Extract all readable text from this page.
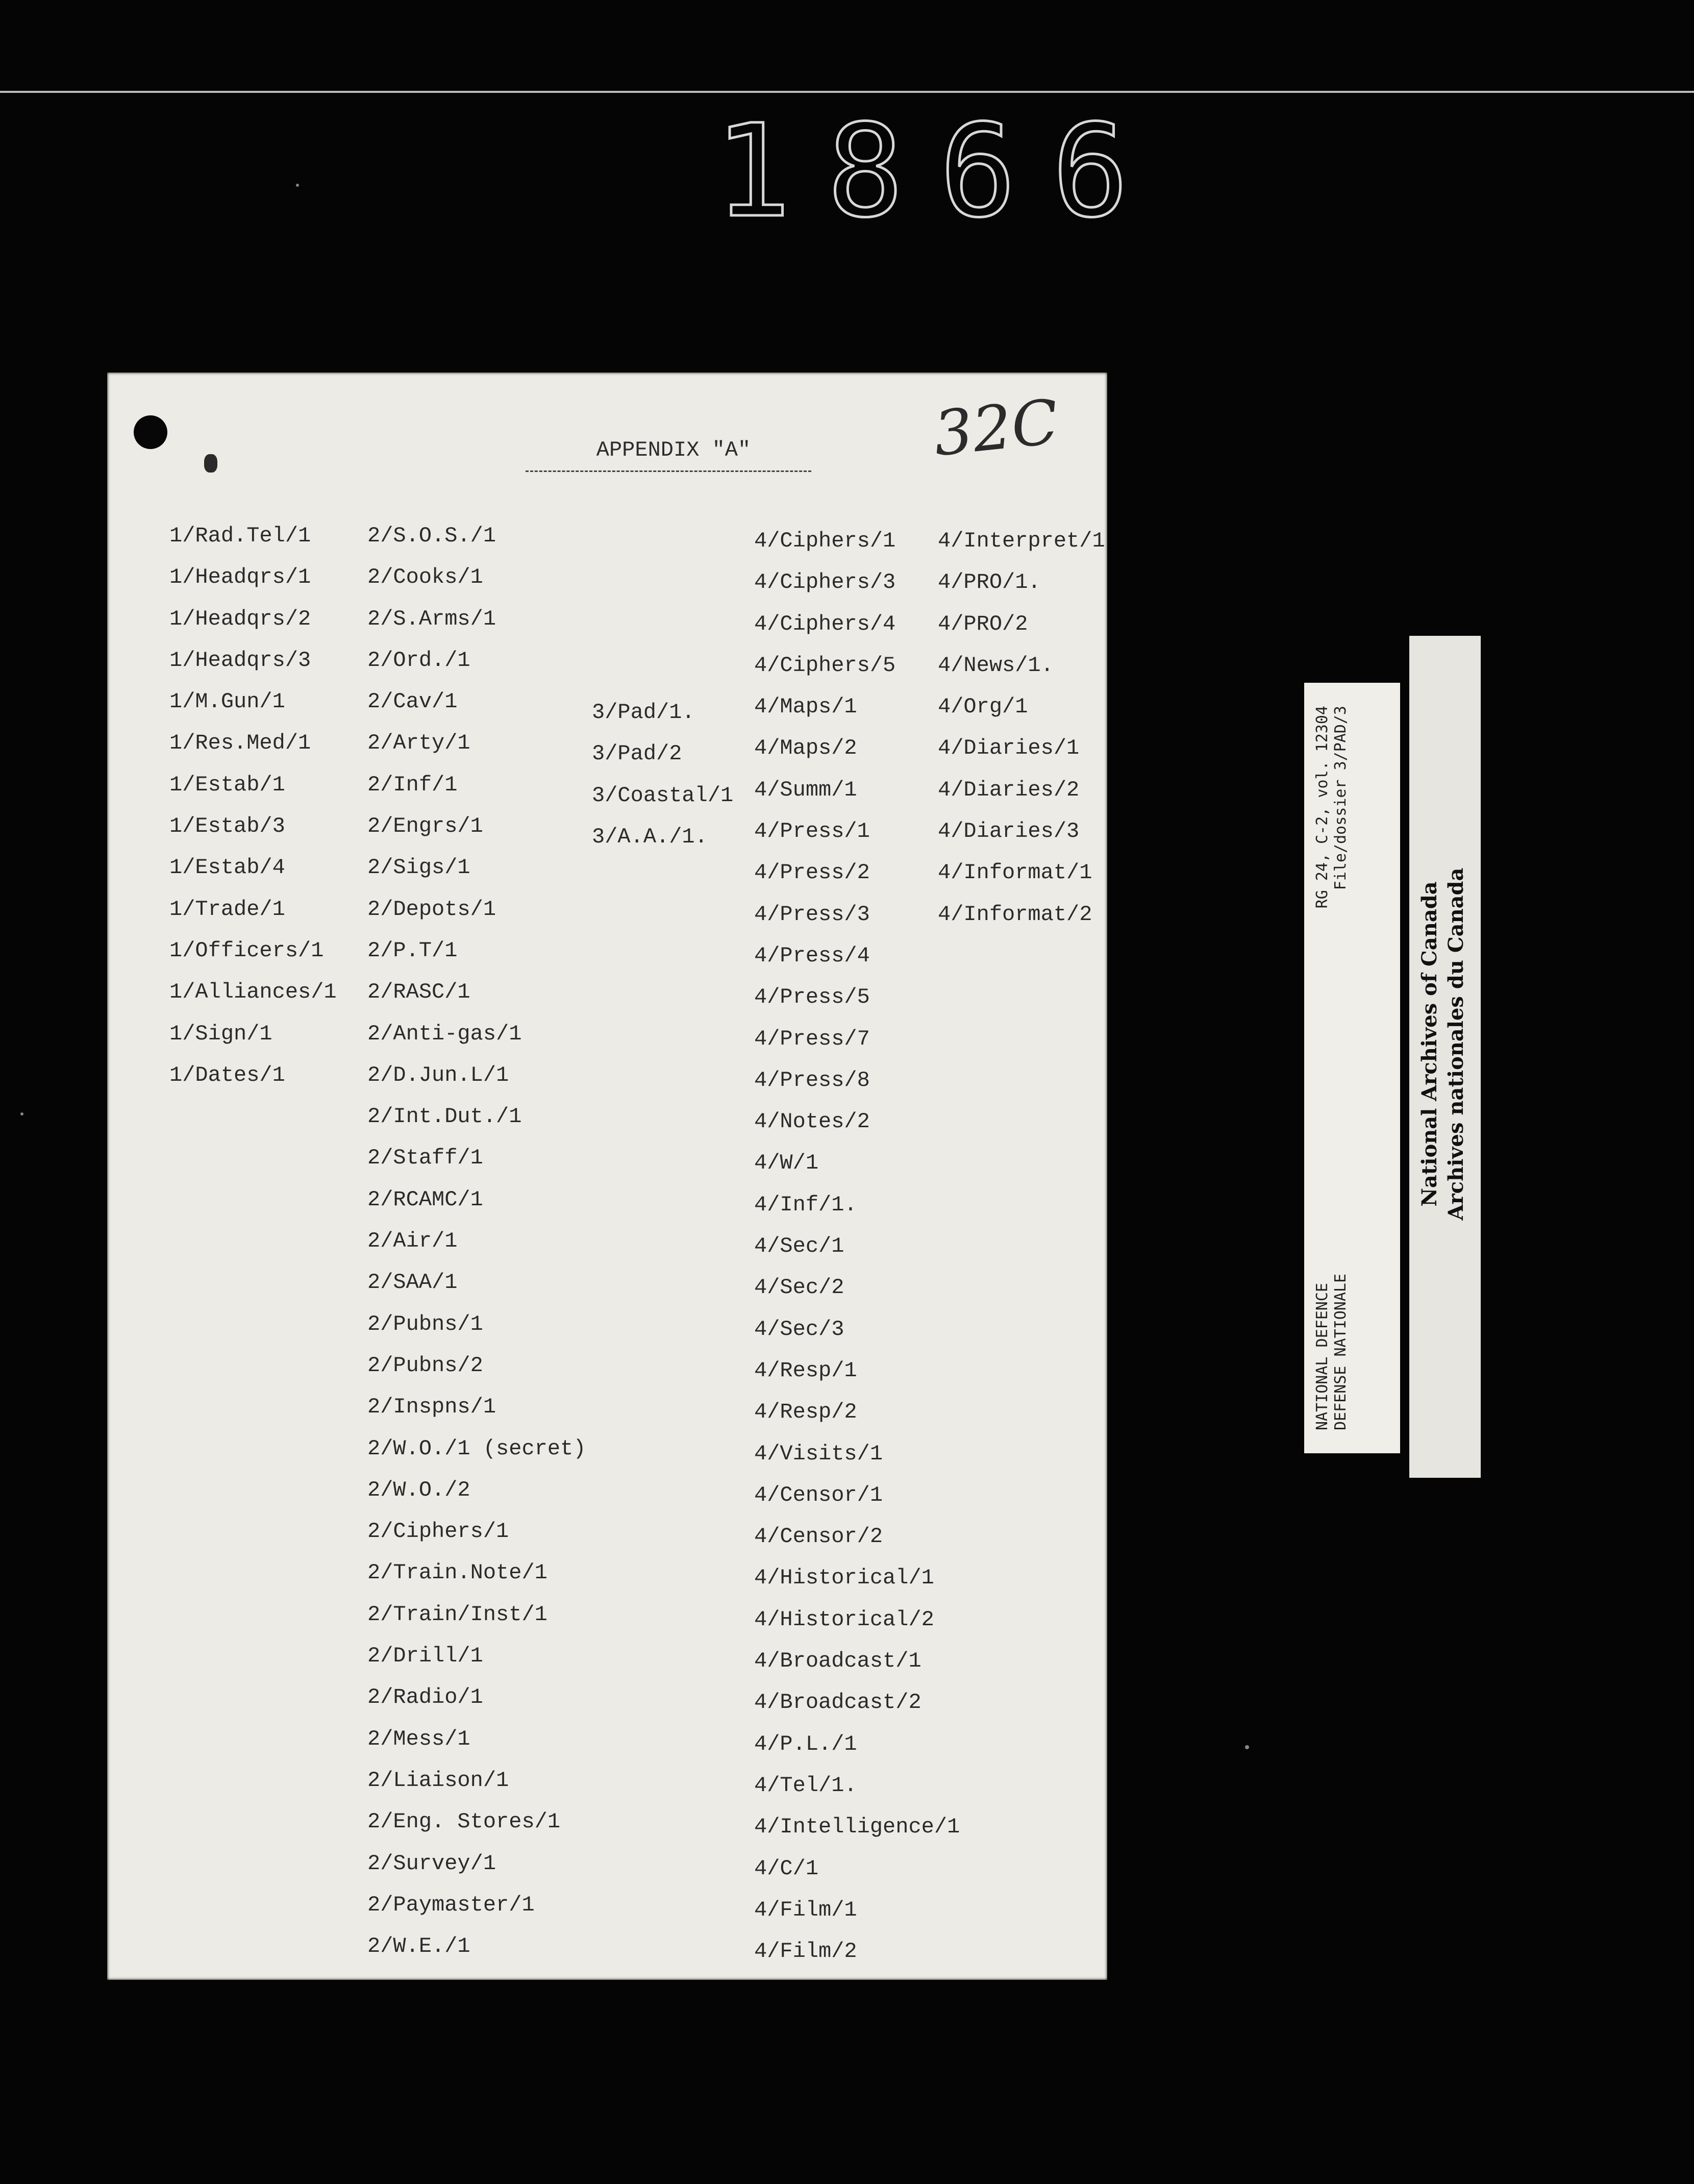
1866
32C
APPENDIX "A"
1/Rad.Tel/1
1/Headqrs/1
1/Headqrs/2
1/Headqrs/3
1/M.Gun/1
1/Res.Med/1
1/Estab/1
1/Estab/3
1/Estab/4
1/Trade/1
1/Officers/1
1/Alliances/1
1/Sign/1
1/Dates/1
2/S.O.S./1
2/Cooks/1
2/S.Arms/1
2/Ord./1
2/Cav/1
2/Arty/1
2/Inf/1
2/Engrs/1
2/Sigs/1
2/Depots/1
2/P.T/1
2/RASC/1
2/Anti-gas/1
2/D.Jun.L/1
2/Int.Dut./1
2/Staff/1
2/RCAMC/1
2/Air/1
2/SAA/1
2/Pubns/1
2/Pubns/2
2/Inspns/1
2/W.O./1 (secret)
2/W.O./2
2/Ciphers/1
2/Train.Note/1
2/Train/Inst/1
2/Drill/1
2/Radio/1
2/Mess/1
2/Liaison/1
2/Eng. Stores/1
2/Survey/1
2/Paymaster/1
2/W.E./1
3/Pad/1.
3/Pad/2
3/Coastal/1
3/A.A./1.
4/Ciphers/1
4/Ciphers/3
4/Ciphers/4
4/Ciphers/5
4/Maps/1
4/Maps/2
4/Summ/1
4/Press/1
4/Press/2
4/Press/3
4/Press/4
4/Press/5
4/Press/7
4/Press/8
4/Notes/2
4/W/1
4/Inf/1.
4/Sec/1
4/Sec/2
4/Sec/3
4/Resp/1
4/Resp/2
4/Visits/1
4/Censor/1
4/Censor/2
4/Historical/1
4/Historical/2
4/Broadcast/1
4/Broadcast/2
4/P.L./1
4/Tel/1.
4/Intelligence/1
4/C/1
4/Film/1
4/Film/2
4/Interpret/1
4/PRO/1.
4/PRO/2
4/News/1.
4/Org/1
4/Diaries/1
4/Diaries/2
4/Diaries/3
4/Informat/1
4/Informat/2
NATIONAL DEFENCE DEFENSE NATIONALE
RG 24, C-2, vol. 12304 File/dossier 3/PAD/3
National Archives of Canada Archives nationales du Canada
